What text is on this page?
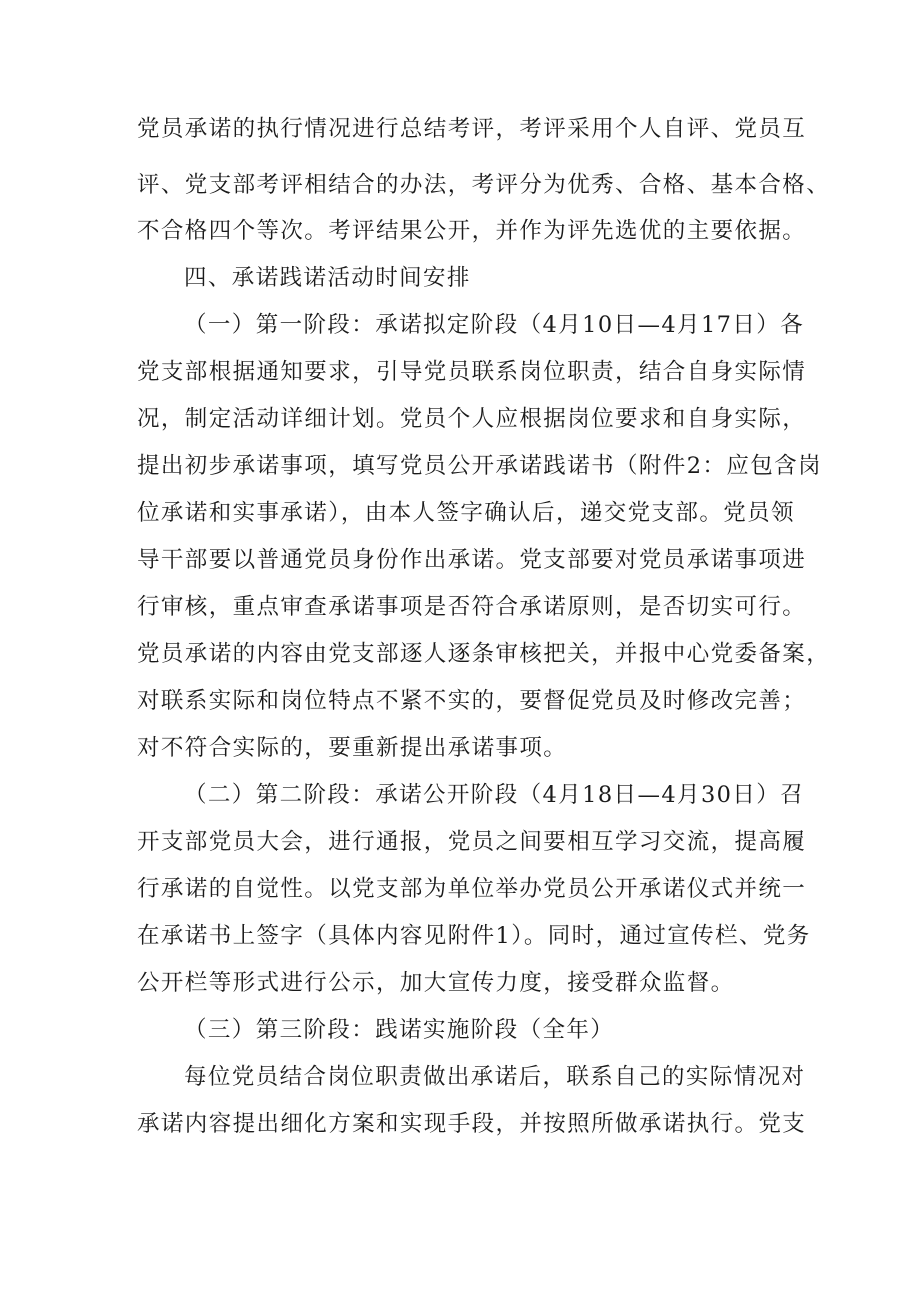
党员承诺的执行情况进行总结考评，考评采用个人自评、党员互
评、党支部考评相结合的办法，考评分为优秀、合格、基本合格、
不合格四个等次。考评结果公开，并作为评先选优的主要依据。
四、承诺践诺活动时间安排
（一）第一阶段：承诺拟定阶段（4月10日—4月17日）各
党支部根据通知要求，引导党员联系岗位职责，结合自身实际情
况，制定活动详细计划。党员个人应根据岗位要求和自身实际，
提出初步承诺事项，填写党员公开承诺践诺书（附件2：应包含岗
位承诺和实事承诺），由本人签字确认后，递交党支部。党员领
导干部要以普通党员身份作出承诺。党支部要对党员承诺事项进
行审核，重点审查承诺事项是否符合承诺原则，是否切实可行。
党员承诺的内容由党支部逐人逐条审核把关，并报中心党委备案，
对联系实际和岗位特点不紧不实的，要督促党员及时修改完善；
对不符合实际的，要重新提出承诺事项。
（二）第二阶段：承诺公开阶段（4月18日—4月30日）召
开支部党员大会，进行通报，党员之间要相互学习交流，提高履
行承诺的自觉性。以党支部为单位举办党员公开承诺仪式并统一
在承诺书上签字（具体内容见附件1）。同时，通过宣传栏、党务
公开栏等形式进行公示，加大宣传力度，接受群众监督。
（三）第三阶段：践诺实施阶段（全年）
每位党员结合岗位职责做出承诺后，联系自己的实际情况对
承诺内容提出细化方案和实现手段，并按照所做承诺执行。党支
